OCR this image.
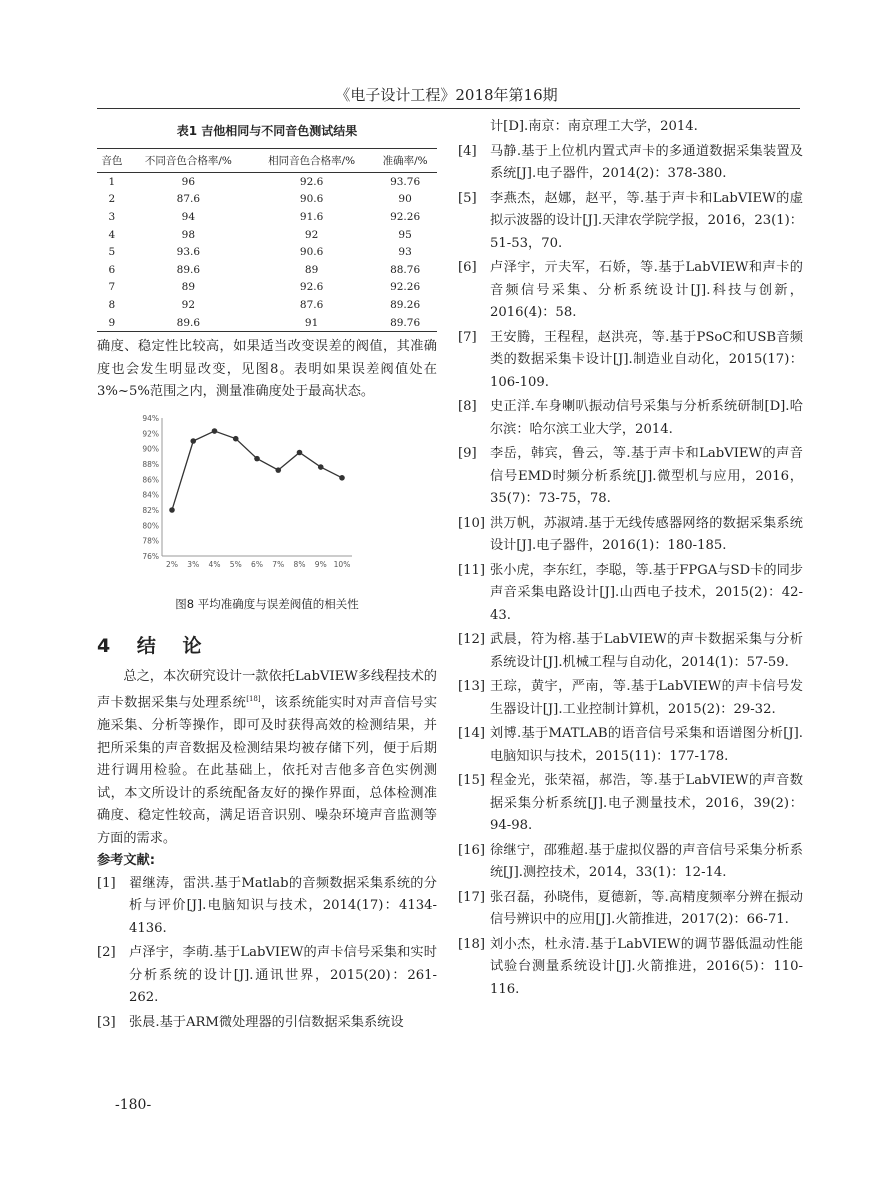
《电子设计工程》2018年第16期
表1 吉他相同与不同音色测试结果
音色	不同音色合格率/%	相同音色合格率/%	准确率/%
1	96	92.6	93.76
2	87.6	90.6	90
3	94	91.6	92.26
4	98	92	95
5	93.6	90.6	93
6	89.6	89	88.76
7	89	92.6	92.26
8	92	87.6	89.26
9	89.6	91	89.76

确度、稳定性比较高，如果适当改变误差的阀值，其准确度也会发生明显改变，见图8。表明如果误差阀值处在3%~5%范围之内，测量准确度处于最高状态。

94%
92%
90%
88%
86%
84%
82%
80%
78%
76%
2% 3% 4% 5% 6% 7% 8% 9% 10%
图8 平均准确度与误差阀值的相关性
4 结 论

总之，本次研究设计一款依托LabVIEW多线程技术的声卡数据采集与处理系统[18]，该系统能实时对声音信号实施采集、分析等操作，即可及时获得高效的检测结果，并把所采集的声音数据及检测结果均被存储下列，便于后期进行调用检验。在此基础上，依托对吉他多音色实例测试，本文所设计的系统配备友好的操作界面，总体检测准确度、稳定性较高，满足语音识别、噪杂环境声音监测等方面的需求。

参考文献:
[1]	翟继涛，雷洪.基于Matlab的音频数据采集系统的分析与评价[J].电脑知识与技术，2014(17)：4134-4136.
[2]	卢泽宇，李萌.基于LabVIEW的声卡信号采集和实时分析系统的设计[J].通讯世界，2015(20)：261-262.
[3]	张晨.基于ARM微处理器的引信数据采集系统设
计[D].南京：南京理工大学，2014.
[4]	马静.基于上位机内置式声卡的多通道数据采集装置及系统[J].电子器件，2014(2)：378-380.
[5]	李燕杰，赵娜，赵平，等.基于声卡和LabVIEW的虚拟示波器的设计[J].天津农学院学报，2016，23(1)：51-53，70.
[6]	卢泽宇，亓夫军，石娇，等.基于LabVIEW和声卡的音频信号采集、分析系统设计[J].科技与创新，2016(4)：58.
[7]	王安腾，王程程，赵洪亮，等.基于PSoC和USB音频类的数据采集卡设计[J].制造业自动化，2015(17)：106-109.
[8]	史正洋.车身喇叭振动信号采集与分析系统研制[D].哈尔滨：哈尔滨工业大学，2014.
[9]	李岳，韩宾，鲁云，等.基于声卡和LabVIEW的声音信号EMD时频分析系统[J].微型机与应用，2016，35(7)：73-75，78.
[10] 洪万帆，苏淑靖.基于无线传感器网络的数据采集系统设计[J].电子器件，2016(1)：180-185.
[11] 张小虎，李东红，李聪，等.基于FPGA与SD卡的同步声音采集电路设计[J].山西电子技术，2015(2)：42-43.
[12] 武晨，符为榕.基于LabVIEW的声卡数据采集与分析系统设计[J].机械工程与自动化，2014(1)：57-59.
[13] 王琮，黄宇，严南，等.基于LabVIEW的声卡信号发生器设计[J].工业控制计算机，2015(2)：29-32.
[14] 刘博.基于MATLAB的语音信号采集和语谱图分析[J].电脑知识与技术，2015(11)：177-178.
[15] 程金光，张荣福，郝浩，等.基于LabVIEW的声音数据采集分析系统[J].电子测量技术，2016，39(2)：94-98.
[16] 徐继宁，邵雅超.基于虚拟仪器的声音信号采集分析系统[J].测控技术，2014，33(1)：12-14.
[17] 张召磊，孙晓伟，夏德新，等.高精度频率分辨在振动信号辨识中的应用[J].火箭推进，2017(2)：66-71.
[18] 刘小杰，杜永清.基于LabVIEW的调节器低温动性能试验台测量系统设计[J].火箭推进，2016(5)：110-116.
-180-
